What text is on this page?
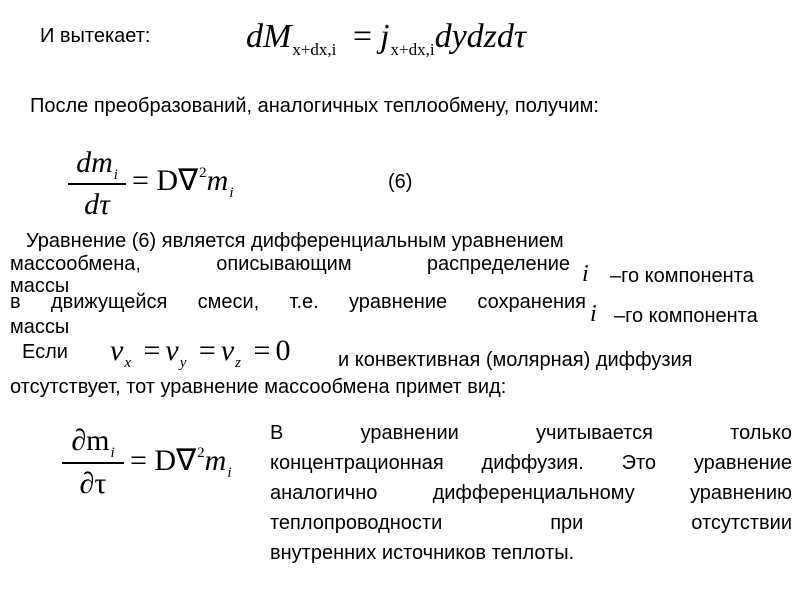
И вытекает:	$dM_{x+dx,i}$ = $j_{x+dx,i}dydzd\tau$
После преобразований, аналогичных теплообмену, получим:
$dm_i$
dτ
= $D\nabla^2m_i$	(6)
Уравнение (6) является дифференциальным уравнением
массообмена,	описывающим	распределение
массы	i –го компонента
в движущейся смеси, т.е. уравнение сохранения
массы	i –го компонента
Если $v_x = v_y = v_z = 0$ и конвективная (молярная) диффузия
отсутствует, тот уравнение массообмена примет вид:
$\partial m_i$
∂τ
= $D\nabla^2m_i$
В уравнении учитывается только
концентрационная диффузия. Это уравнение
аналогично дифференциальному уравнению
теплопроводности при отсутствии
внутренних источников теплоты.
